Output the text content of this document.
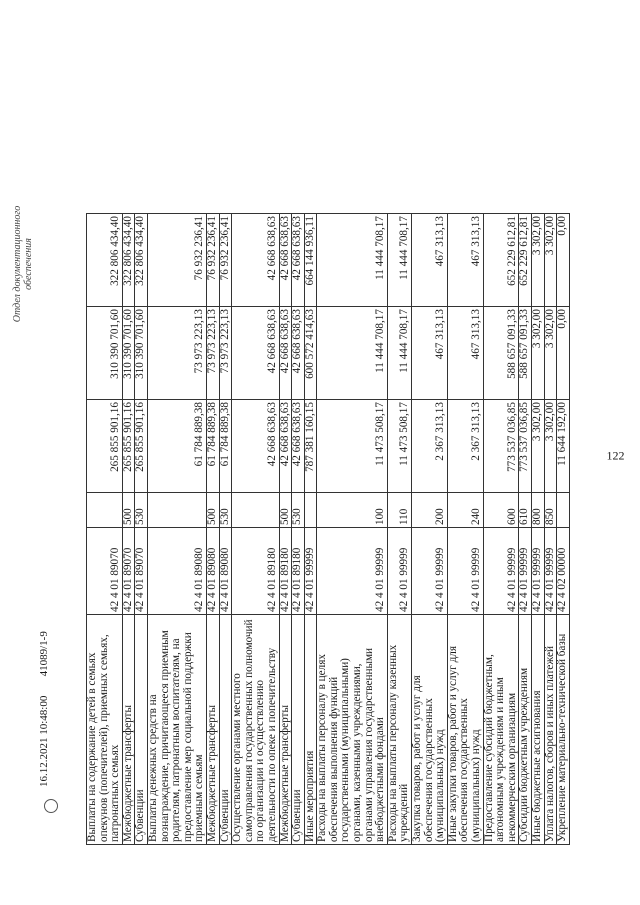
122
Выплаты на содержание детей в семьях опекунов (попечителей), приемных семьях, патронатных семьях	42 4 01 89070		265 855 901,16	310 390 701,60	322 806 434,40
Межбюджетные трансферты	42 4 01 89070	500	265 855 901,16	310 390 701,60	322 806 434,40
Субвенции	42 4 01 89070	530	265 855 901,16	310 390 701,60	322 806 434,40
Выплаты денежных средств на вознаграждение, причитающееся приемным родителям, патронатным воспитателям, на предоставление мер социальной поддержки приемным семьям	42 4 01 89080		61 784 889,38	73 973 223,13	76 932 236,41
Межбюджетные трансферты	42 4 01 89080	500	61 784 889,38	73 973 223,13	76 932 236,41
Субвенции	42 4 01 89080	530	61 784 889,38	73 973 223,13	76 932 236,41
Осуществление органами местного самоуправления государственных полномочий по организации и осуществлению деятельности по опеке и попечительству	42 4 01 89180		42 668 638,63	42 668 638,63	42 668 638,63
Межбюджетные трансферты	42 4 01 89180	500	42 668 638,63	42 668 638,63	42 668 638,63
Субвенции	42 4 01 89180	530	42 668 638,63	42 668 638,63	42 668 638,63
Иные мероприятия	42 4 01 99999		787 381 160,15	600 572 414,63	664 144 936,11
Расходы на выплаты персоналу в целях обеспечения выполнения функций государственными (муниципальными) органами, казенными учреждениями, органами управления государственными внебюджетными фондами	42 4 01 99999	100	11 473 508,17	11 444 708,17	11 444 708,17
Расходы на выплаты персоналу казенных учреждений	42 4 01 99999	110	11 473 508,17	11 444 708,17	11 444 708,17
Закупка товаров, работ и услуг для обеспечения государственных (муниципальных) нужд	42 4 01 99999	200	2 367 313,13	467 313,13	467 313,13
Иные закупки товаров, работ и услуг для обеспечения государственных (муниципальных) нужд	42 4 01 99999	240	2 367 313,13	467 313,13	467 313,13
Предоставление субсидий бюджетным, автономным учреждениям и иным некоммерческим организациям	42 4 01 99999	600	773 537 036,85	588 657 091,33	652 229 612,81
Субсидии бюджетным учреждениям	42 4 01 99999	610	773 537 036,85	588 657 091,33	652 229 612,81
Иные бюджетные ассигнования	42 4 01 99999	800	3 302,00	3 302,00	3 302,00
Уплата налогов, сборов и иных платежей	42 4 01 99999	850	3 302,00	3 302,00	3 302,00
Укрепление материально-технической базы	42 4 02 00000		11 644 192,00	0,00	0,00
16.12.2021 10:48:00       41089/1-9
Отдел документационного обеспечения
